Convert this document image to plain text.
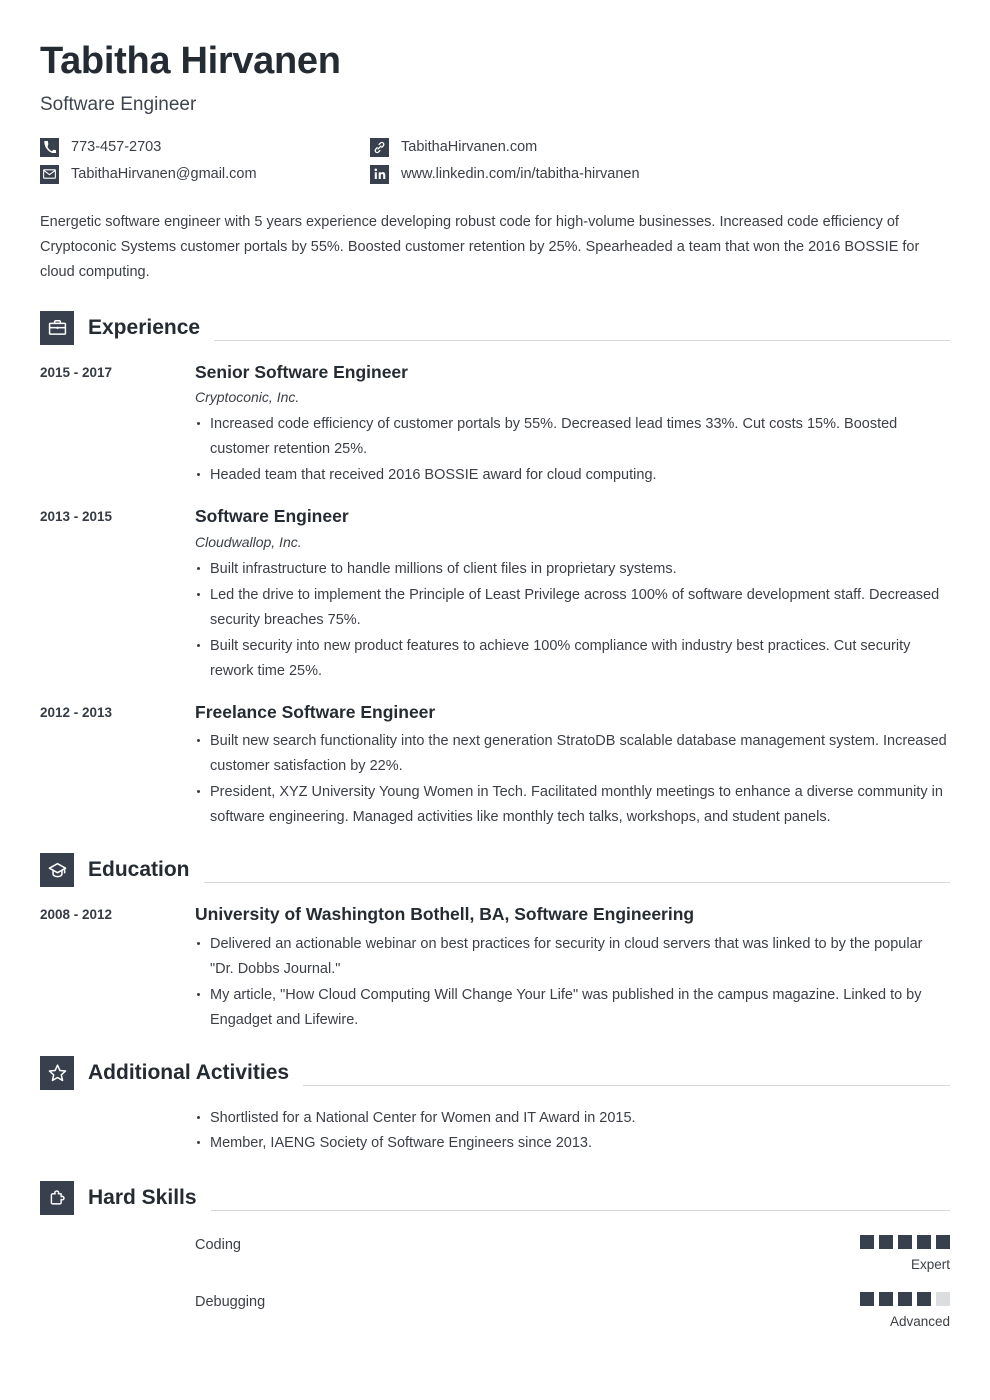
Tabitha Hirvanen
Software Engineer
773-457-2703	TabithaHirvanen.com
TabithaHirvanen@gmail.com	www.linkedin.com/in/tabitha-hirvanen
Energetic software engineer with 5 years experience developing robust code for high-volume businesses. Increased code efficiency of Cryptoconic Systems customer portals by 55%. Boosted customer retention by 25%. Spearheaded a team that won the 2016 BOSSIE for cloud computing.
Experience
2015 - 2017	Senior Software Engineer
Cryptoconic, Inc.
Increased code efficiency of customer portals by 55%. Decreased lead times 33%. Cut costs 15%. Boosted customer retention 25%.
Headed team that received 2016 BOSSIE award for cloud computing.
2013 - 2015	Software Engineer
Cloudwallop, Inc.
Built infrastructure to handle millions of client files in proprietary systems.
Led the drive to implement the Principle of Least Privilege across 100% of software development staff. Decreased security breaches 75%.
Built security into new product features to achieve 100% compliance with industry best practices. Cut security rework time 25%.
2012 - 2013	Freelance Software Engineer
Built new search functionality into the next generation StratoDB scalable database management system. Increased customer satisfaction by 22%.
President, XYZ University Young Women in Tech. Facilitated monthly meetings to enhance a diverse community in software engineering. Managed activities like monthly tech talks, workshops, and student panels.
Education
2008 - 2012	University of Washington Bothell, BA, Software Engineering
Delivered an actionable webinar on best practices for security in cloud servers that was linked to by the popular "Dr. Dobbs Journal."
My article, "How Cloud Computing Will Change Your Life" was published in the campus magazine. Linked to by Engadget and Lifewire.
Additional Activities
Shortlisted for a National Center for Women and IT Award in 2015.
Member, IAENG Society of Software Engineers since 2013.
Hard Skills
Coding
Expert
Debugging
Advanced
